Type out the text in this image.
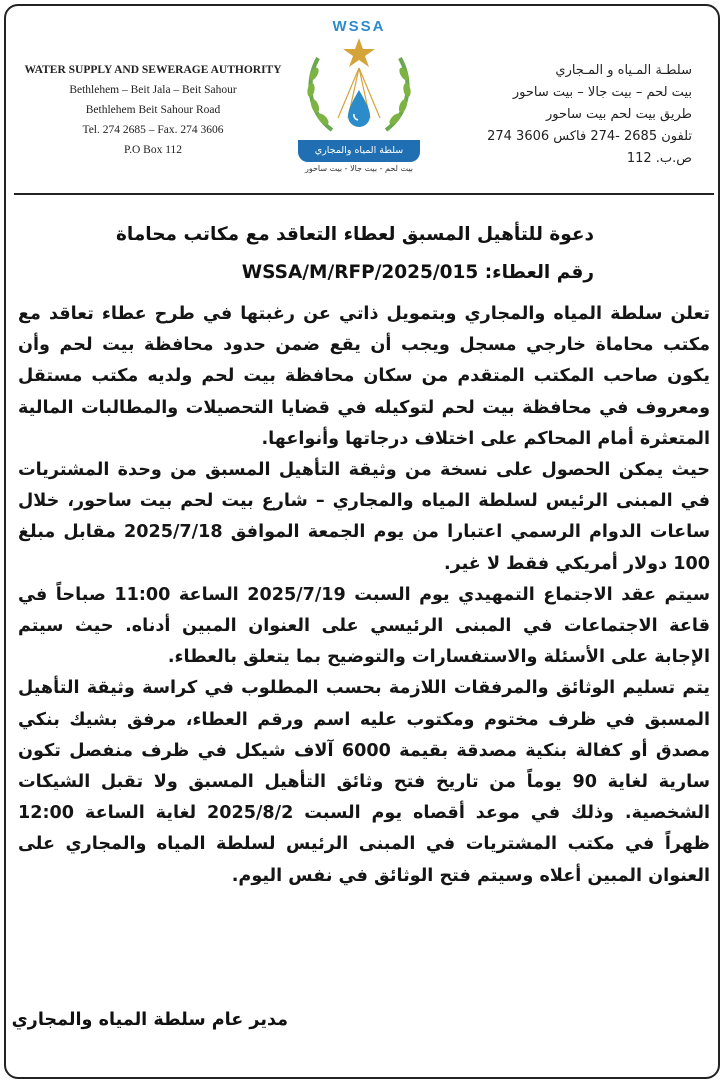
WATER SUPPLY AND SEWERAGE AUTHORITY
Bethlehem – Beit Jala – Beit Sahour
Bethlehem Beit Sahour Road
Tel. 274 2685 – Fax. 274 3606
P.O Box 112
WSSA
سلطة المياه والمجاري
بيت لحم - بيت جالا - بيت ساحور
سلطـة المـياه و المـجاري
بيت لحم – بيت جالا – بيت ساحور
طريق بيت لحم بيت ساحور
تلفون 2685 -274 فاكس 3606 274
ص.ب. 112
دعوة للتأهيل المسبق لعطاء التعاقد مع مكاتب محاماة
رقم العطاء: WSSA/M/RFP/2025/015

تعلن سلطة المياه والمجاري وبتمويل ذاتي عن رغبتها في طرح عطاء تعاقد مع مكتب محاماة خارجي مسجل ويجب أن يقع ضمن حدود محافظة بيت لحم وأن يكون صاحب المكتب المتقدم من سكان محافظة بيت لحم ولديه مكتب مستقل ومعروف في محافظة بيت لحم لتوكيله في قضايا التحصيلات والمطالبات المالية المتعثرة أمام المحاكم على اختلاف درجاتها وأنواعها.

حيث يمكن الحصول على نسخة من وثيقة التأهيل المسبق من وحدة المشتريات في المبنى الرئيس لسلطة المياه والمجاري – شارع بيت لحم بيت ساحور، خلال ساعات الدوام الرسمي اعتبارا من يوم الجمعة الموافق 2025/7/18 مقابل مبلغ 100 دولار أمريكي فقط لا غير.

سيتم عقد الاجتماع التمهيدي يوم السبت 2025/7/19 الساعة 11:00 صباحاً في قاعة الاجتماعات في المبنى الرئيسي على العنوان المبين أدناه. حيث سيتم الإجابة على الأسئلة والاستفسارات والتوضيح بما يتعلق بالعطاء.

يتم تسليم الوثائق والمرفقات اللازمة بحسب المطلوب في كراسة وثيقة التأهيل المسبق في ظرف مختوم ومكتوب عليه اسم ورقم العطاء، مرفق بشيك بنكي مصدق أو كفالة بنكية مصدقة بقيمة 6000 آلاف شيكل في ظرف منفصل تكون سارية لغاية 90 يوماً من تاريخ فتح وثائق التأهيل المسبق ولا تقبل الشيكات الشخصية. وذلك في موعد أقصاه يوم السبت 2025/8/2 لغاية الساعة 12:00 ظهراً في مكتب المشتريات في المبنى الرئيس لسلطة المياه والمجاري على العنوان المبين أعلاه وسيتم فتح الوثائق في نفس اليوم.

مدير عام سلطة المياه والمجاري
